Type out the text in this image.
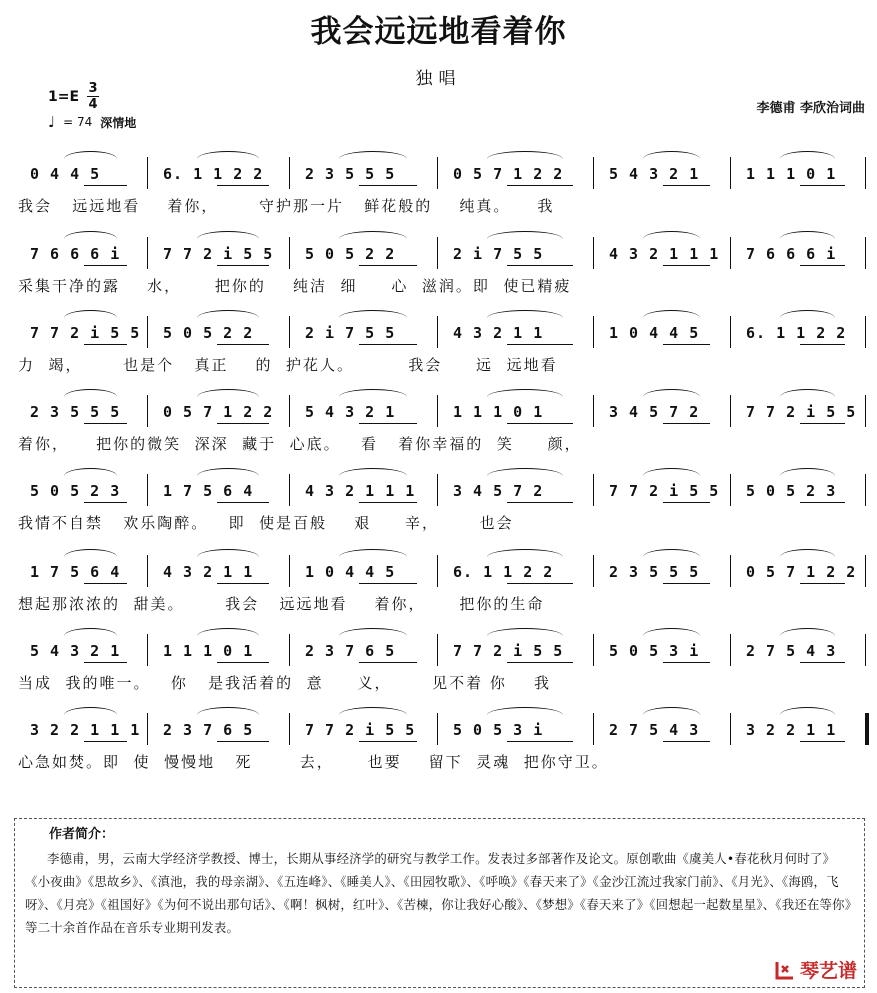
我会远远地看着你
独唱
$1=E \frac{3}{4}$
♩ = 74 深情地
李德甫 李欣治词曲
0 4 4 5	6. 1 1 2 2	2 3 5 5 5	0 5 7 1 2 2	5 4 3 2 1	1 1 1 0 1
我会   远远地看    着你，      守护那一片   鲜花般的    纯真。    我
7 6 6 6 i	7 7 2 i 5 5 5 0 5 2 2	2 i 7 5 5	4 3 2 1 1 1 7 6 6 6 i
采集干净的露    水，     把你的    纯洁  细     心  滋润。即  使已精疲
7 7 2 i 5 5 5 0 5 2 2	2 i 7 5 5	4 3 2 1 1	1 0 4 4 5	6. 1 1 2 2
力  竭，      也是个   真正    的  护花人。        我会     远  远地看
2 3 5 5 5	0 5 7 1 2 2 5 4 3 2 1	1 1 1 0 1	3 4 5 7 2	7 7 2 i 5 5
着你，    把你的微笑  深深  藏于  心底。   看   着你幸福的  笑     颜，
5 0 5 2 3	1 7 5 6 4	4 3 2 1 1 1	3 4 5 7 2	7 7 2 i 5 5 5 0 5 2 3
我情不自禁   欢乐陶醉。   即  使是百般    艰     辛，      也会
1 7 5 6 4	4 3 2 1 1	1 0 4 4 5	6. 1 1 2 2	2 3 5 5 5	0 5 7 1 2 2
想起那浓浓的  甜美。      我会   远远地看    着你，     把你的生命
5 4 3 2 1	1 1 1 0 1	2 3 7 6 5	7 7 2 i 5 5	5 0 5 3 i	2 7 5 4 3
当成  我的唯一。   你   是我活着的  意     义，      见不着 你    我
3 2 2 1 1 1 2 3 7 6 5	7 7 2 i 5 5	5 0 5 3 i	2 7 5 4 3	3 2 2 1 1
心急如焚。即  使  慢慢地   死       去，     也要    留下  灵魂  把你守卫。
作者简介：
李德甫，男，云南大学经济学教授、博士，长期从事经济学的研究与教学工作。发表过多部著作及论文。原创歌曲《虞美人•春花秋月何时了》《小夜曲》《思故乡》、《滇池，我的母亲湖》、《五连峰》、《睡美人》、《田园牧歌》、《呼唤》《春天来了》《金沙江流过我家门前》、《月光》、《海鸥，飞呀》、《月亮》《祖国好》《为何不说出那句话》、《啊！枫树，红叶》、《苦楝，你让我好心酸》、《梦想》《春天来了》《回想起一起数星星》、《我还在等你》等二十余首作品在音乐专业期刊发表。
琴艺谱
